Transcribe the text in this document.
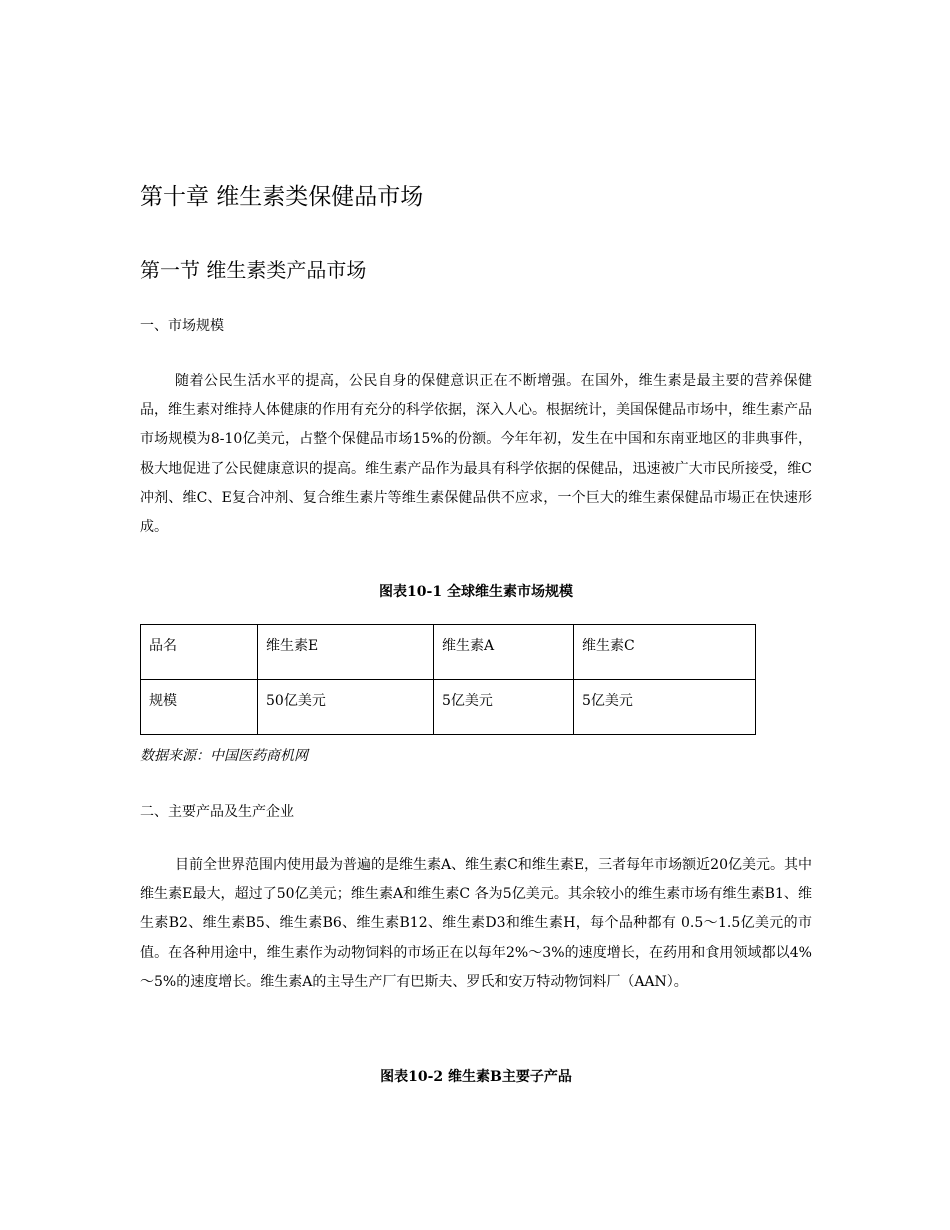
第十章 维生素类保健品市场
第一节 维生素类产品市场
一、市场规模

随着公民生活水平的提高，公民自身的保健意识正在不断增强。在国外，维生素是最主要的营养保健品，维生素对维持人体健康的作用有充分的科学依据，深入人心。根据统计，美国保健品市场中，维生素产品市场规模为8-10亿美元，占整个保健品市场15%的份额。今年年初，发生在中国和东南亚地区的非典事件，极大地促进了公民健康意识的提高。维生素产品作为最具有科学依据的保健品，迅速被广大市民所接受，维C冲剂、维C、E复合冲剂、复合维生素片等维生素保健品供不应求，一个巨大的维生素保健品市場正在快速形成。

图表10-1 全球维生素市场规模
品名	维生素E	维生素A	维生素C
规模	50亿美元	5亿美元	5亿美元
数据来源：中国医药商机网
二、主要产品及生产企业

目前全世界范围内使用最为普遍的是维生素A、维生素C和维生素E，三者每年市场额近20亿美元。其中维生素E最大，超过了50亿美元；维生素A和维生素C 各为5亿美元。其余较小的维生素市场有维生素B1、维生素B2、维生素B5、维生素B6、维生素B12、维生素D3和维生素H，每个品种都有 0.5～1.5亿美元的市值。在各种用途中，维生素作为动物饲料的市场正在以每年2%～3%的速度增长，在药用和食用领域都以4%～5%的速度增长。维生素A的主导生产厂有巴斯夫、罗氏和安万特动物饲料厂（AAN）。

图表10-2 维生素B主要子产品
